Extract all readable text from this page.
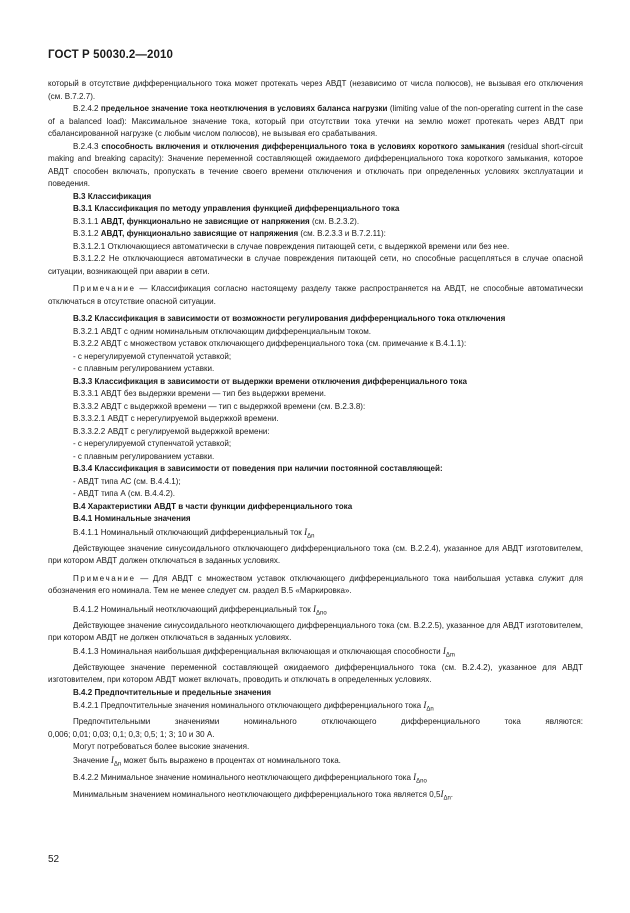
ГОСТ Р 50030.2—2010
который в отсутствие дифференциального тока может протекать через АВДТ (независимо от числа полюсов), не вызывая его отключения (см. В.7.2.7).
В.2.4.2 предельное значение тока неотключения в условиях баланса нагрузки (limiting value of the non-operating current in the case of a balanced load): Максимальное значение тока, который при отсутствии тока утечки на землю может протекать через АВДТ при сбалансированной нагрузке (с любым числом полюсов), не вызывая его срабатывания.
В.2.4.3 способность включения и отключения дифференциального тока в условиях короткого замыкания (residual short-circuit making and breaking capacity): Значение переменной составляющей ожидаемого дифференциального тока короткого замыкания, которое АВДТ способен включать, пропускать в течение своего времени отключения и отключать при определенных условиях эксплуатации и поведения.
В.3 Классификация
В.3.1 Классификация по методу управления функцией дифференциального тока
В.3.1.1 АВДТ, функционально не зависящие от напряжения (см. В.2.3.2).
В.3.1.2 АВДТ, функционально зависящие от напряжения (см. В.2.3.3 и В.7.2.11):
В.3.1.2.1 Отключающиеся автоматически в случае повреждения питающей сети, с выдержкой времени или без нее.
В.3.1.2.2 Не отключающиеся автоматически в случае повреждения питающей сети, но способные расцепляться в случае опасной ситуации, возникающей при аварии в сети.
Примечание — Классификация согласно настоящему разделу также распространяется на АВДТ, не способные автоматически отключаться в отсутствие опасной ситуации.
В.3.2 Классификация в зависимости от возможности регулирования дифференциального тока отключения
В.3.2.1 АВДТ с одним номинальным отключающим дифференциальным током.
В.3.2.2 АВДТ с множеством уставок отключающего дифференциального тока (см. примечание к В.4.1.1):
- с нерегулируемой ступенчатой уставкой;
- с плавным регулированием уставки.
В.3.3 Классификация в зависимости от выдержки времени отключения дифференциального тока
В.3.3.1 АВДТ без выдержки времени — тип без выдержки времени.
В.3.3.2 АВДТ с выдержкой времени — тип с выдержкой времени (см. В.2.3.8):
В.3.3.2.1 АВДТ с нерегулируемой выдержкой времени.
В.3.3.2.2 АВДТ с регулируемой выдержкой времени:
- с нерегулируемой ступенчатой уставкой;
- с плавным регулированием уставки.
В.3.4 Классификация в зависимости от поведения при наличии постоянной составляющей:
- АВДТ типа АС (см. В.4.4.1);
- АВДТ типа А (см. В.4.4.2).
В.4 Характеристики АВДТ в части функции дифференциального тока
В.4.1 Номинальные значения
В.4.1.1 Номинальный отключающий дифференциальный ток $I_{\Delta n}$
Действующее значение синусоидального отключающего дифференциального тока (см. В.2.2.4), указанное для АВДТ изготовителем, при котором АВДТ должен отключаться в заданных условиях.
Примечание — Для АВДТ с множеством уставок отключающего дифференциального тока наибольшая уставка служит для обозначения его номинала. Тем не менее следует см. раздел В.5 «Маркировка».
В.4.1.2 Номинальный неотключающий дифференциальный ток $I_{\Delta no}$
Действующее значение синусоидального неотключающего дифференциального тока (см. В.2.2.5), указанное для АВДТ изготовителем, при котором АВДТ не должен отключаться в заданных условиях.
В.4.1.3 Номинальная наибольшая дифференциальная включающая и отключающая способности $I_{\Delta m}$
Действующее значение переменной составляющей ожидаемого дифференциального тока (см. В.2.4.2), указанное для АВДТ изготовителем, при котором АВДТ может включать, проводить и отключать в определенных условиях.
В.4.2 Предпочтительные и предельные значения
В.4.2.1 Предпочтительные значения номинального отключающего дифференциального тока $I_{\Delta n}$
Предпочтительными значениями номинального отключающего дифференциального тока являются:
0,006; 0,01; 0,03; 0,1; 0,3; 0,5; 1; 3; 10 и 30 А.
Могут потребоваться более высокие значения.
Значение $I_{\Delta n}$ может быть выражено в процентах от номинального тока.
В.4.2.2 Минимальное значение номинального неотключающего дифференциального тока $I_{\Delta no}$
Минимальным значением номинального неотключающего дифференциального тока является $0,5I_{\Delta n}$.
52
